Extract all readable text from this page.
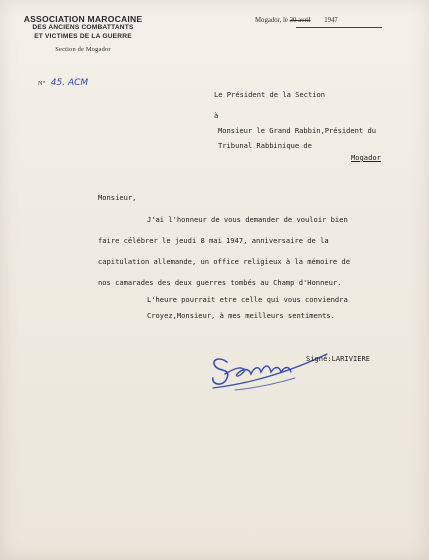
ASSOCIATION MAROCAINE
DES ANCIENS COMBATTANTS
ET VICTIMES DE LA GUERRE
Section de Mogador
N° 45. ACM
Mogador, le 30 avril 1947
Le Président de la Section
à
Monsieur le Grand Rabbin,Président du
Tribunal Rabbinique de
Mogador
Monsieur,
J'ai l'honneur de vous demander de vouloir bien
faire célébrer le jeudi 8 mai 1947, anniversaire de la
capitulation allemande, un office religieux à la mémoire de
nos camarades des deux guerres tombés au Champ d'Honneur.
L'heure pourrait etre celle qui vous conviendra
Croyez,Monsieur, à mes meilleurs sentiments.
Signé:LARIVIERE
